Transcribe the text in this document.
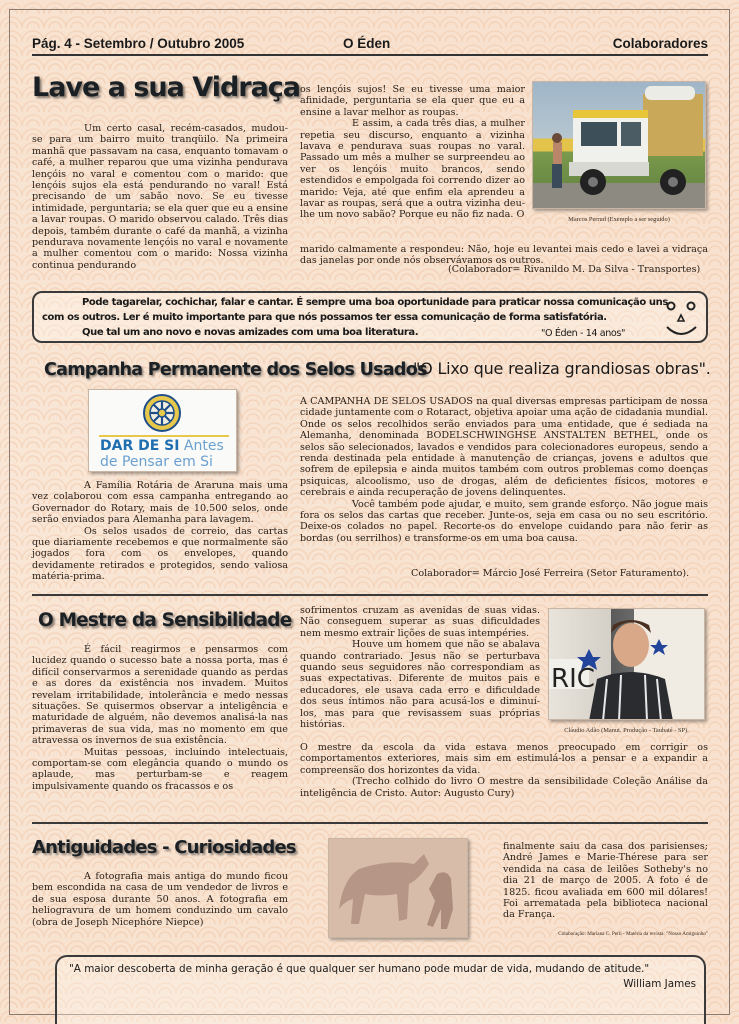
Pág. 4 - Setembro / Outubro 2005	O Éden	Colaboradores
Lave a sua Vidraça

Um certo casal, recém-casados, mudou-se para um bairro muito tranqüilo. Na primeira manhã que passavam na casa, enquanto tomavam o café, a mulher reparou que uma vizinha pendurava lençóis no varal e comentou com o marido: que lençóis sujos ela está pendurando no varal! Está precisando de um sabão novo. Se eu tivesse intimidade, perguntaria; se ela quer que eu a ensine a lavar roupas. O marido observou calado. Três dias depois, também durante o café da manhã, a vizinha pendurava novamente lençóis no varal e novamente a mulher comentou com o marido: Nossa vizinha continua pendurando

os lençóis sujos! Se eu tivesse uma maior afinidade, perguntaria se ela quer que eu a ensine a lavar melhor as roupas.

E assim, a cada três dias, a mulher repetia seu discurso, enquanto a vizinha lavava e pendurava suas roupas no varal. Passado um mês a mulher se surpreendeu ao ver os lençóis muito brancos, sendo estendidos e empolgada foi correndo dizer ao marido: Veja, até que enfim ela aprendeu a lavar as roupas, será que a outra vizinha deu-lhe um novo sabão? Porque eu não fiz nada. O

marido calmamente a respondeu: Não, hoje eu levantei mais cedo e lavei a vidraça das janelas por onde nós observávamos os outros.

(Colaborador= Rivanildo M. Da Silva - Transportes)
Marcos Perrud (Exemplo a ser seguido)
Pode tagarelar, cochichar, falar e cantar. É sempre uma boa oportunidade para praticar nossa comunicação uns
com os outros. Ler é muito importante para que nós possamos ter essa comunicação de forma satisfatória.
Que tal um ano novo e novas amizades com uma boa literatura.	"O Éden - 14 anos"
Campanha Permanente dos Selos Usados
"O Lixo que realiza grandiosas obras".
DAR DE SI Antes
de Pensar em Si

A Família Rotária de Araruna mais uma vez colaborou com essa campanha entregando ao Governador do Rotary, mais de 10.500 selos, onde serão enviados para Alemanha para lavagem.

Os selos usados de correio, das cartas que diariamente recebemos e que normalmente são jogados fora com os envelopes, quando devidamente retirados e protegidos, sendo valiosa matéria-prima.

A CAMPANHA DE SELOS USADOS na qual diversas empresas participam de nossa cidade juntamente com o Rotaract, objetiva apoiar uma ação de cidadania mundial. Onde os selos recolhidos serão enviados para uma entidade, que é sediada na Alemanha, denominada BODELSCHWINGHSE ANSTALTEN BETHEL, onde os selos são selecionados, lavados e vendidos para colecionadores europeus, sendo a renda destinada pela entidade à manutenção de crianças, jovens e adultos que sofrem de epilepsia e ainda muitos também com outros problemas como doenças psiquicas, alcoolismo, uso de drogas, além de deficientes físicos, motores e cerebrais e ainda recuperação de jovens delinquentes.

Você também pode ajudar, e muito, sem grande esforço. Não jogue mais fora os selos das cartas que receber. Junte-os, seja em casa ou no seu escritório. Deixe-os colados no papel. Recorte-os do envelope cuidando para não ferir as bordas (ou serrilhos) e transforme-os em uma boa causa.

Colaborador= Márcio José Ferreira (Setor Faturamento).
O Mestre da Sensibilidade

É fácil reagirmos e pensarmos com lucidez quando o sucesso bate a nossa porta, mas é difícil conservarmos a serenidade quando as perdas e as dores da existência nos invadem. Muitos revelam irritabilidade, intolerância e medo nessas situações. Se quisermos observar a inteligência e maturidade de alguém, não devemos analisá-la nas primaveras de sua vida, mas no momento em que atravessa os invernos de sua existência.

Muitas pessoas, incluindo intelectuais, comportam-se com elegância quando o mundo os aplaude, mas perturbam-se e reagem impulsivamente quando os fracassos e os

sofrimentos cruzam as avenidas de suas vidas. Não conseguem superar as suas dificuldades nem mesmo extrair lições de suas intempéries.

Houve um homem que não se abalava quando contrariado. Jesus não se perturbava quando seus seguidores não correspondiam as suas expectativas. Diferente de muitos pais e educadores, ele usava cada erro e dificuldade dos seus íntimos não para acusá-los e diminuí-los, mas para que revisassem suas próprias histórias.

O mestre da escola da vida estava menos preocupado em corrigir os comportamentos exteriores, mais sim em estimulá-los a pensar e a expandir a compreensão dos horizontes da vida.

(Trecho colhido do livro O mestre da sensibilidade Coleção Análise da inteligência de Cristo. Autor: Augusto Cury)

RIC
Cláudio Adão (Manut. Produção - Taubaté - SP).
Antiguidades - Curiosidades

A fotografia mais antiga do mundo ficou bem escondida na casa de um vendedor de livros e de sua esposa durante 50 anos. A fotografia em heliogravura de um homem conduzindo um cavalo (obra de Joseph Nicephóre Niepce)

finalmente saiu da casa dos parisienses; André James e Marie-Thérese para ser vendida na casa de leilões Sotheby's no dia 21 de março de 2005. A foto é de 1825. ficou avaliada em 600 mil dólares! Foi arrematada pela biblioteca nacional da França.

Colaboração: Mariana C. Perli - Matéria da revista: "Nosso Amiguinho"
"A maior descoberta de minha geração é que qualquer ser humano pode mudar de vida, mudando de atitude."
William James
